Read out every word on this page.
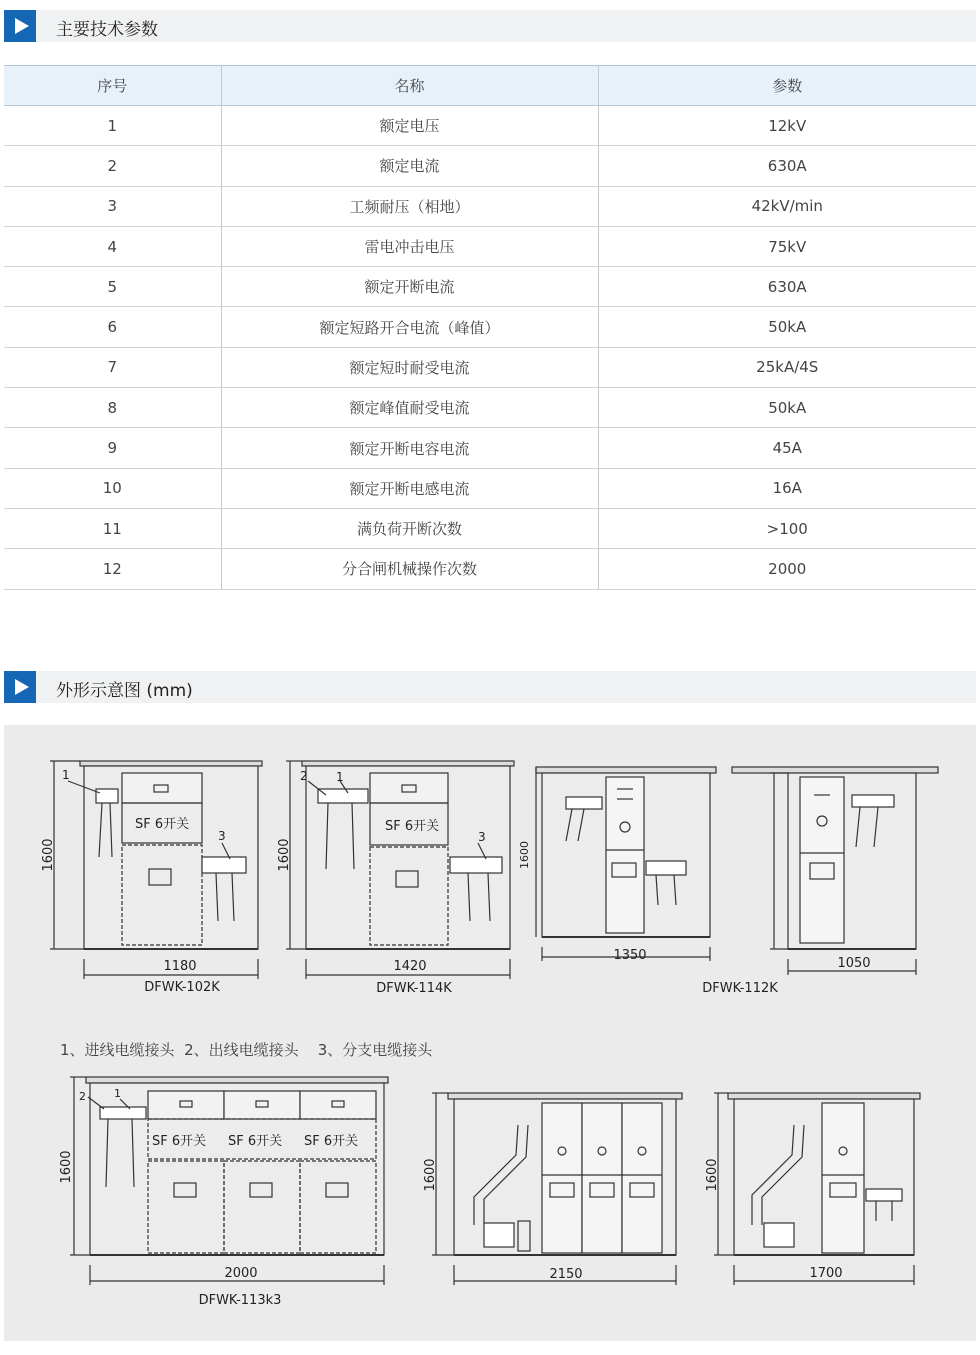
主要技术参数
序号	名称	参数
1	额定电压	12kV
2	额定电流	630A
3	工频耐压（相地）	42kV/min
4	雷电冲击电压	75kV
5	额定开断电流	630A
6	额定短路开合电流（峰值）	50kA
7	额定短时耐受电流	25kA/4S
8	额定峰值耐受电流	50kA
9	额定开断电容电流	45A
10	额定开断电感电流	16A
11	满负荷开断次数	>100
12	分合闸机械操作次数	2000
外形示意图 (mm)
1600	1600	1600
1600	1600	1600
SF 6开关	SF 6开关
SF 6开关 SF 6开关 SF 6开关
1
3
2 1
3
2	1
1180	1420
1350
1050
2000	2150	1700
DFWK-102K	DFWK-114K	DFWK-112K
DFWK-113k3
1、进线电缆接头  2、出线电缆接头    3、分支电缆接头
